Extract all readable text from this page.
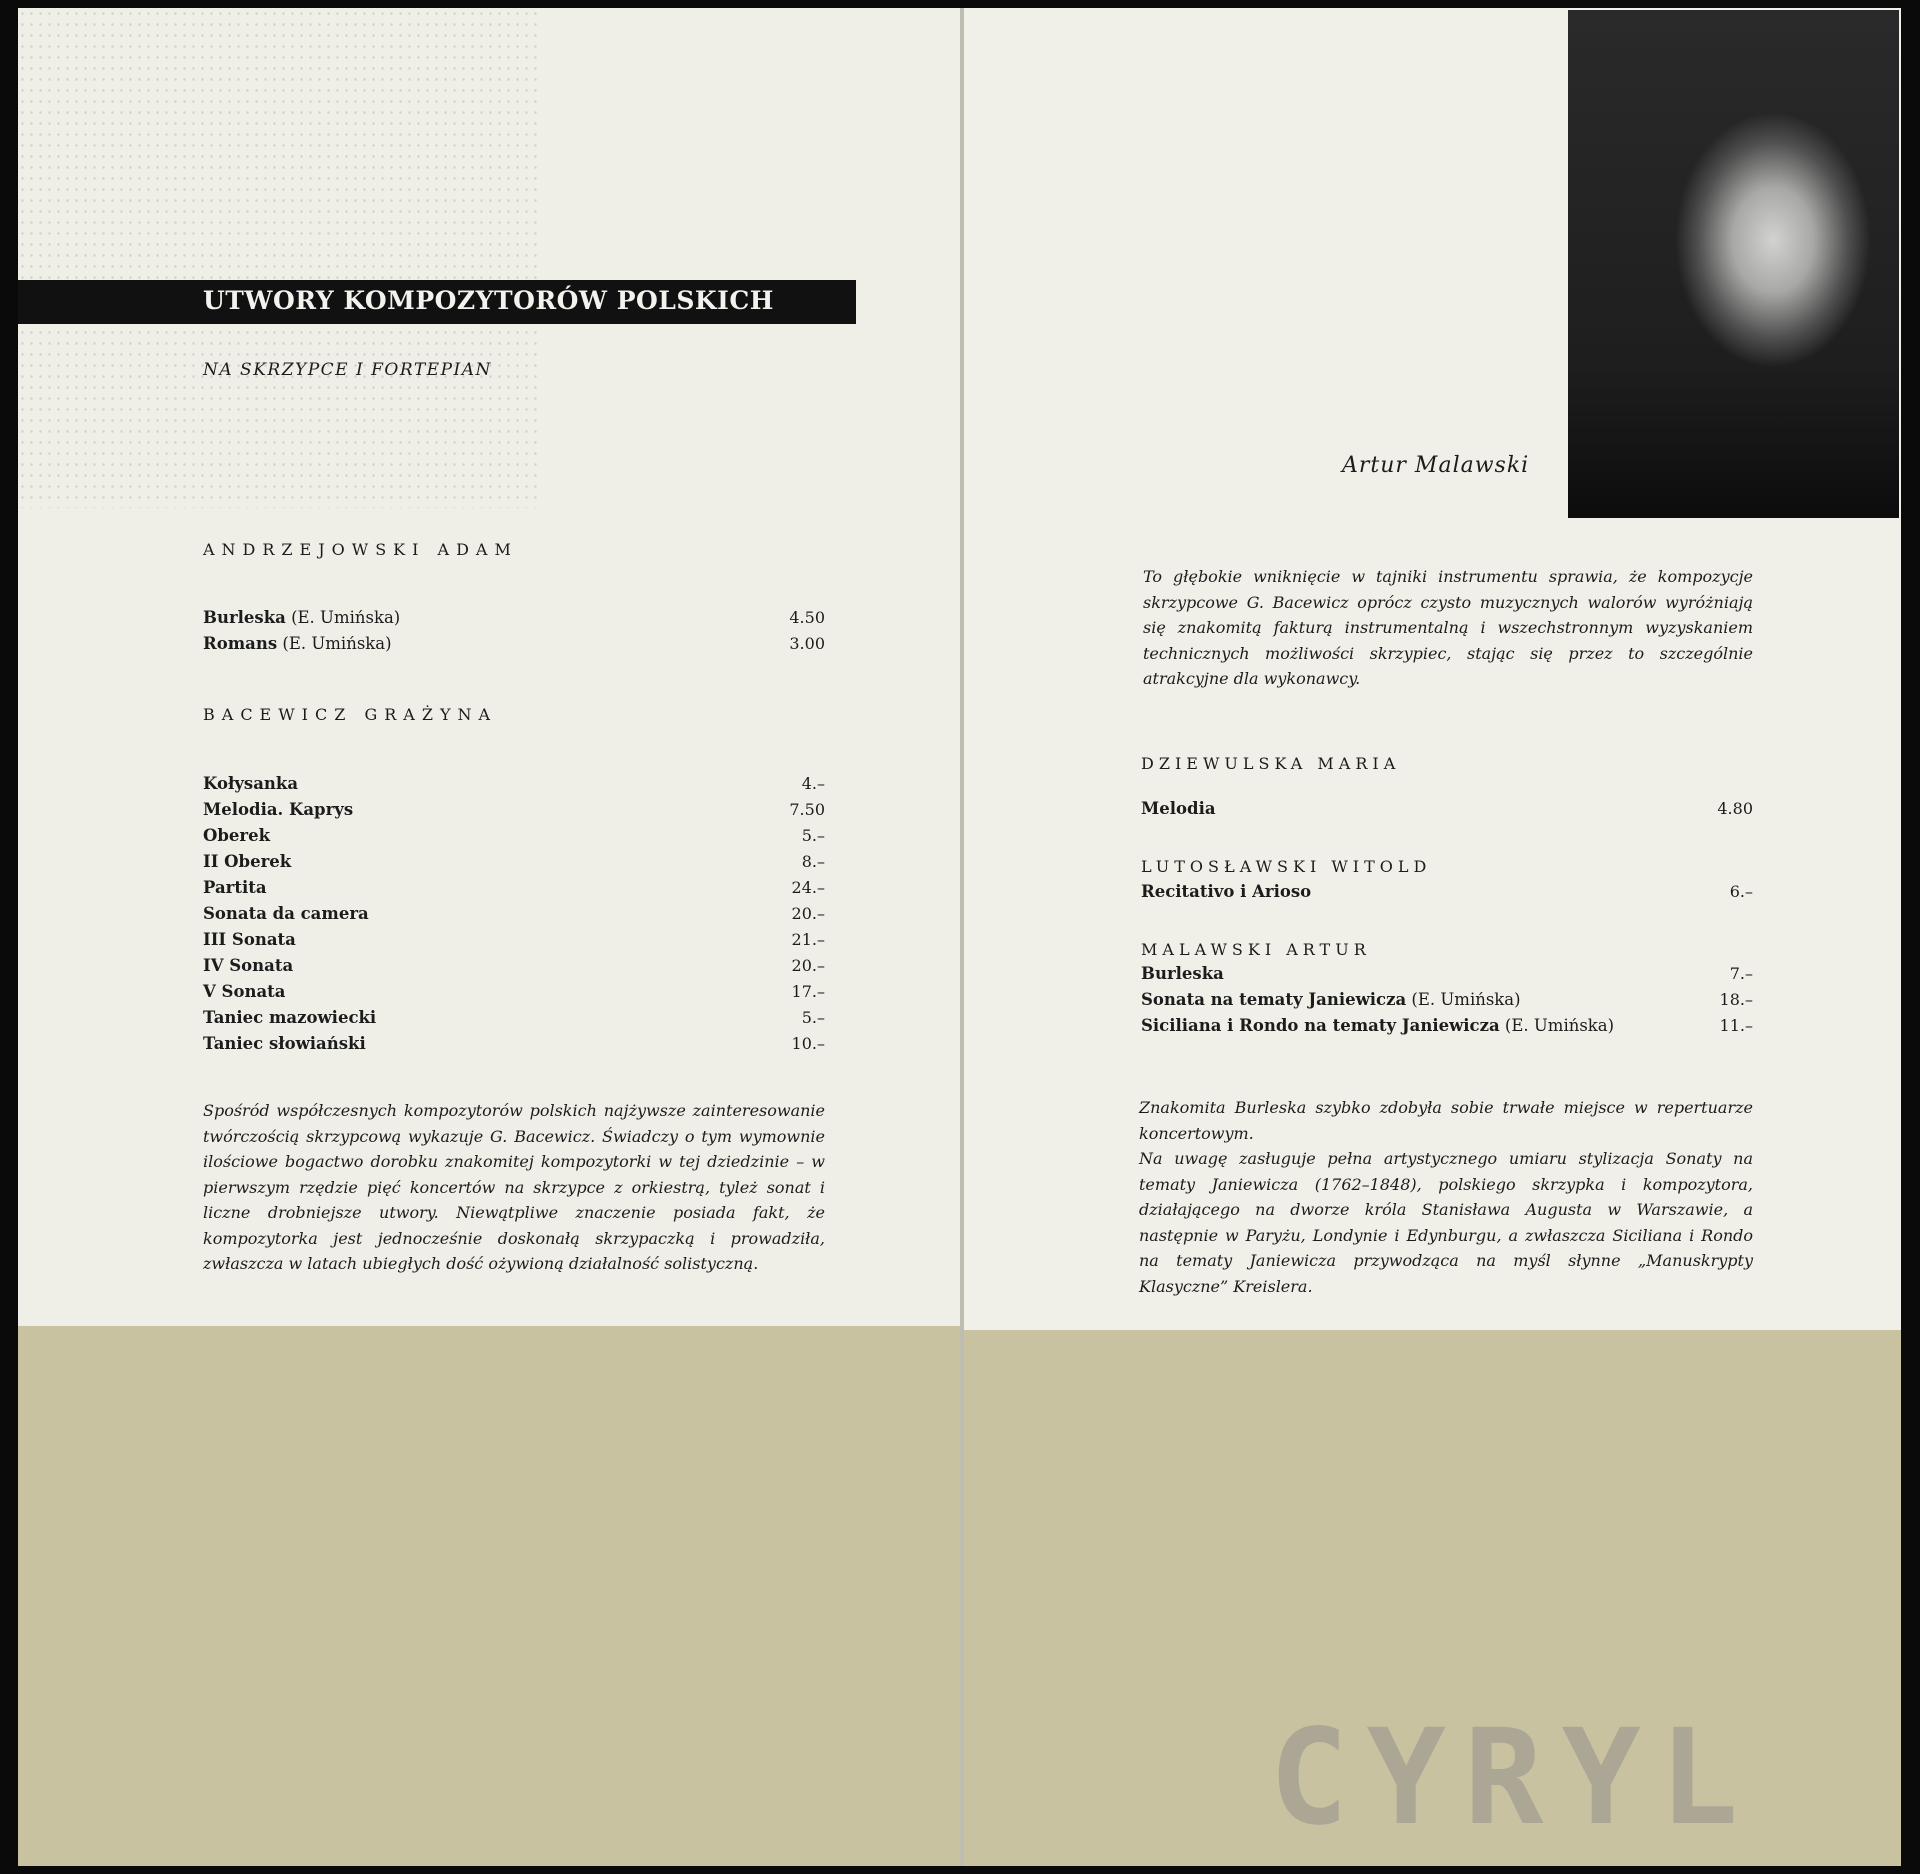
UTWORY KOMPOZYTORÓW POLSKICH
NA SKRZYPCE I FORTEPIAN
ANDRZEJOWSKI ADAM
Burleska (E. Umińska)	4.50
Romans (E. Umińska)	3.00
BACEWICZ GRAŻYNA
Kołysanka	4.–
Melodia. Kaprys	7.50
Oberek	5.–
II Oberek	8.–
Partita	24.–
Sonata da camera	20.–
III Sonata	21.–
IV Sonata	20.–
V Sonata	17.–
Taniec mazowiecki	5.–
Taniec słowiański	10.–

Spośród współczesnych kompozytorów polskich najżywsze zainteresowanie twórczością skrzypcową wykazuje G. Bacewicz. Świadczy o tym wymownie ilościowe bogactwo dorobku znakomitej kompozytorki w tej dziedzinie – w pierwszym rzędzie pięć koncertów na skrzypce z orkiestrą, tyleż sonat i liczne drobniejsze utwory. Niewątpliwe znaczenie posiada fakt, że kompozytorka jest jednocześnie doskonałą skrzypaczką i prowadziła, zwłaszcza w latach ubiegłych dość ożywioną działalność solistyczną.

Artur Malawski

To głębokie wniknięcie w tajniki instrumentu sprawia, że kompozycje skrzypcowe G. Bacewicz oprócz czysto muzycznych walorów wyróżniają się znakomitą fakturą instrumentalną i wszechstronnym wyzyskaniem technicznych możliwości skrzypiec, stając się przez to szczególnie atrakcyjne dla wykonawcy.

DZIEWULSKA MARIA
Melodia	4.80
LUTOSŁAWSKI WITOLD
Recitativo i Arioso	6.–
MALAWSKI ARTUR
Burleska	7.–
Sonata na tematy Janiewicza (E. Umińska)	18.–
Siciliana i Rondo na tematy Janiewicza (E. Umińska)	11.–

Znakomita Burleska szybko zdobyła sobie trwałe miejsce w repertuarze koncertowym.
Na uwagę zasługuje pełna artystycznego umiaru stylizacja Sonaty na tematy Janiewicza (1762–1848), polskiego skrzypka i kompozytora, działającego na dworze króla Stanisława Augusta w Warszawie, a następnie w Paryżu, Londynie i Edynburgu, a zwłaszcza Siciliana i Rondo na tematy Janiewicza przywodząca na myśl słynne „Manuskrypty Klasyczne” Kreislera.

CYRYL
